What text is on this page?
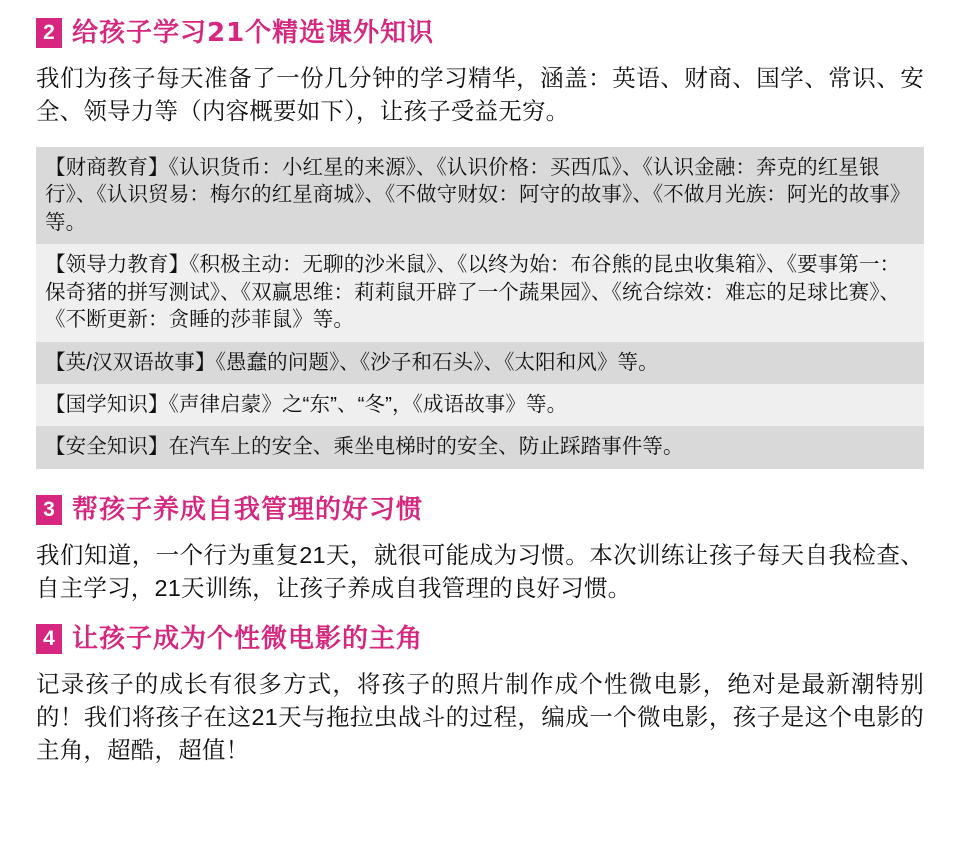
2 给孩子学习21个精选课外知识

我们为孩子每天准备了一份几分钟的学习精华，涵盖：英语、财商、国学、常识、安全、领导力等（内容概要如下），让孩子受益无穷。

【财商教育】《认识货币：小红星的来源》、《认识价格：买西瓜》、《认识金融：奔克的红星银行》、《认识贸易：梅尔的红星商城》、《不做守财奴：阿守的故事》、《不做月光族：阿光的故事》等。
【领导力教育】《积极主动：无聊的沙米鼠》、《以终为始：布谷熊的昆虫收集箱》、《要事第一：保奇猪的拼写测试》、《双赢思维：莉莉鼠开辟了一个蔬果园》、《统合综效：难忘的足球比赛》、《不断更新：贪睡的莎菲鼠》等。
【英/汉双语故事】《愚蠢的问题》、《沙子和石头》、《太阳和风》等。
【国学知识】《声律启蒙》之“东”、“冬”，《成语故事》等。
【安全知识】在汽车上的安全、乘坐电梯时的安全、防止踩踏事件等。
3 帮孩子养成自我管理的好习惯

我们知道，一个行为重复21天，就很可能成为习惯。本次训练让孩子每天自我检查、自主学习，21天训练，让孩子养成自我管理的良好习惯。

4 让孩子成为个性微电影的主角

记录孩子的成长有很多方式，将孩子的照片制作成个性微电影，绝对是最新潮特别的！我们将孩子在这21天与拖拉虫战斗的过程，编成一个微电影，孩子是这个电影的主角，超酷，超值！
